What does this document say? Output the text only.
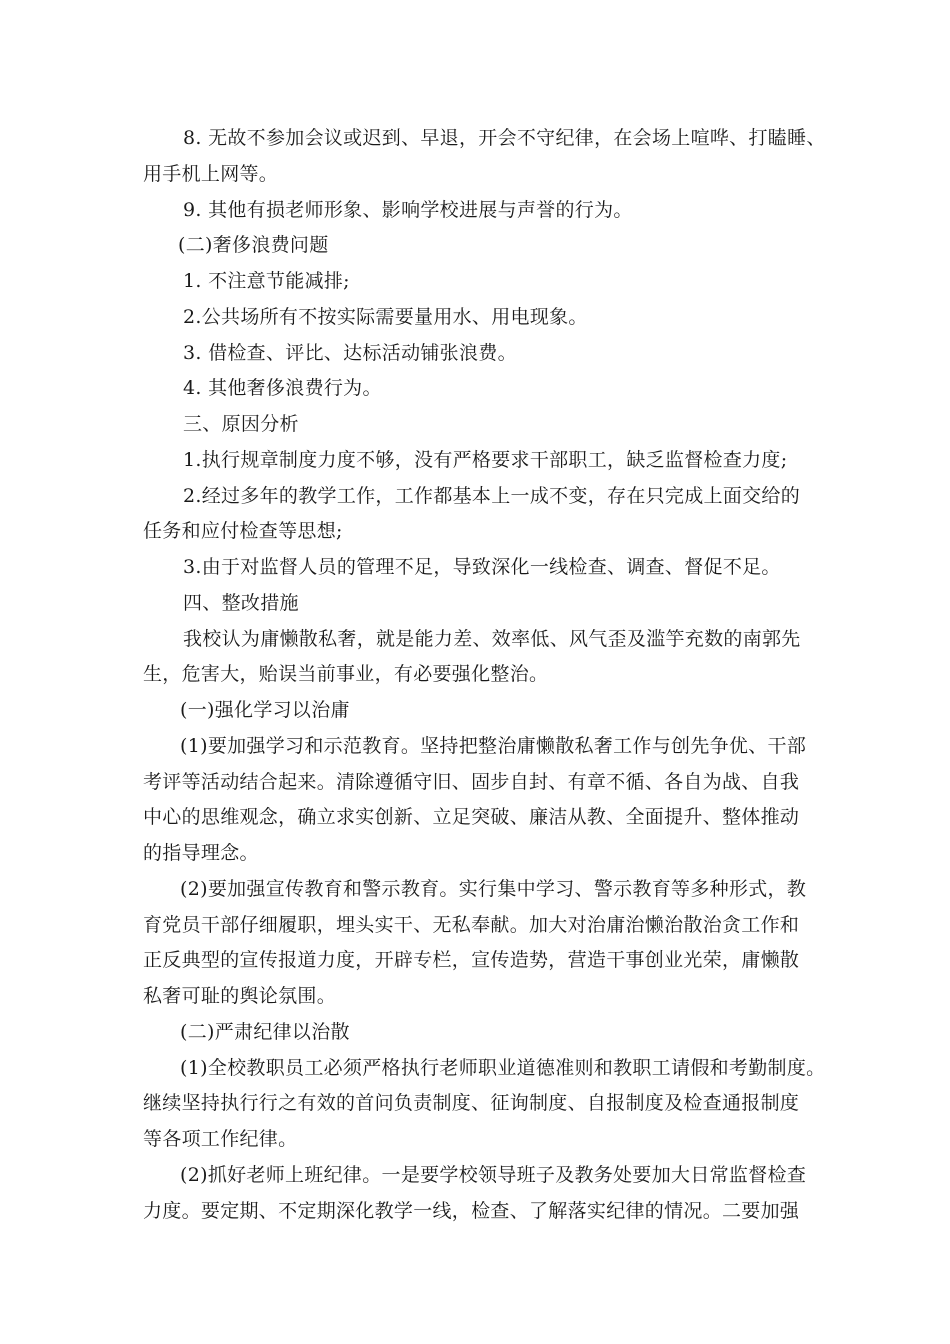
8. 无故不参加会议或迟到、早退，开会不守纪律，在会场上喧哗、打瞌睡、
用手机上网等。
9. 其他有损老师形象、影响学校进展与声誉的行为。
(二)奢侈浪费问题
1. 不注意节能减排;
2.公共场所有不按实际需要量用水、用电现象。
3. 借检查、评比、达标活动铺张浪费。
4. 其他奢侈浪费行为。
三、原因分析
1.执行规章制度力度不够，没有严格要求干部职工，缺乏监督检查力度;
2.经过多年的教学工作，工作都基本上一成不变，存在只完成上面交给的
任务和应付检查等思想;
3.由于对监督人员的管理不足，导致深化一线检查、调查、督促不足。
四、整改措施
我校认为庸懒散私奢，就是能力差、效率低、风气歪及滥竽充数的南郭先
生，危害大，贻误当前事业，有必要强化整治。
(一)强化学习以治庸
(1)要加强学习和示范教育。坚持把整治庸懒散私奢工作与创先争优、干部
考评等活动结合起来。清除遵循守旧、固步自封、有章不循、各自为战、自我
中心的思维观念，确立求实创新、立足突破、廉洁从教、全面提升、整体推动
的指导理念。
(2)要加强宣传教育和警示教育。实行集中学习、警示教育等多种形式，教
育党员干部仔细履职，埋头实干、无私奉献。加大对治庸治懒治散治贪工作和
正反典型的宣传报道力度，开辟专栏，宣传造势，营造干事创业光荣，庸懒散
私奢可耻的舆论氛围。
(二)严肃纪律以治散
(1)全校教职员工必须严格执行老师职业道德准则和教职工请假和考勤制度。
继续坚持执行行之有效的首问负责制度、征询制度、自报制度及检查通报制度
等各项工作纪律。
(2)抓好老师上班纪律。一是要学校领导班子及教务处要加大日常监督检查
力度。要定期、不定期深化教学一线，检查、了解落实纪律的情况。二要加强
